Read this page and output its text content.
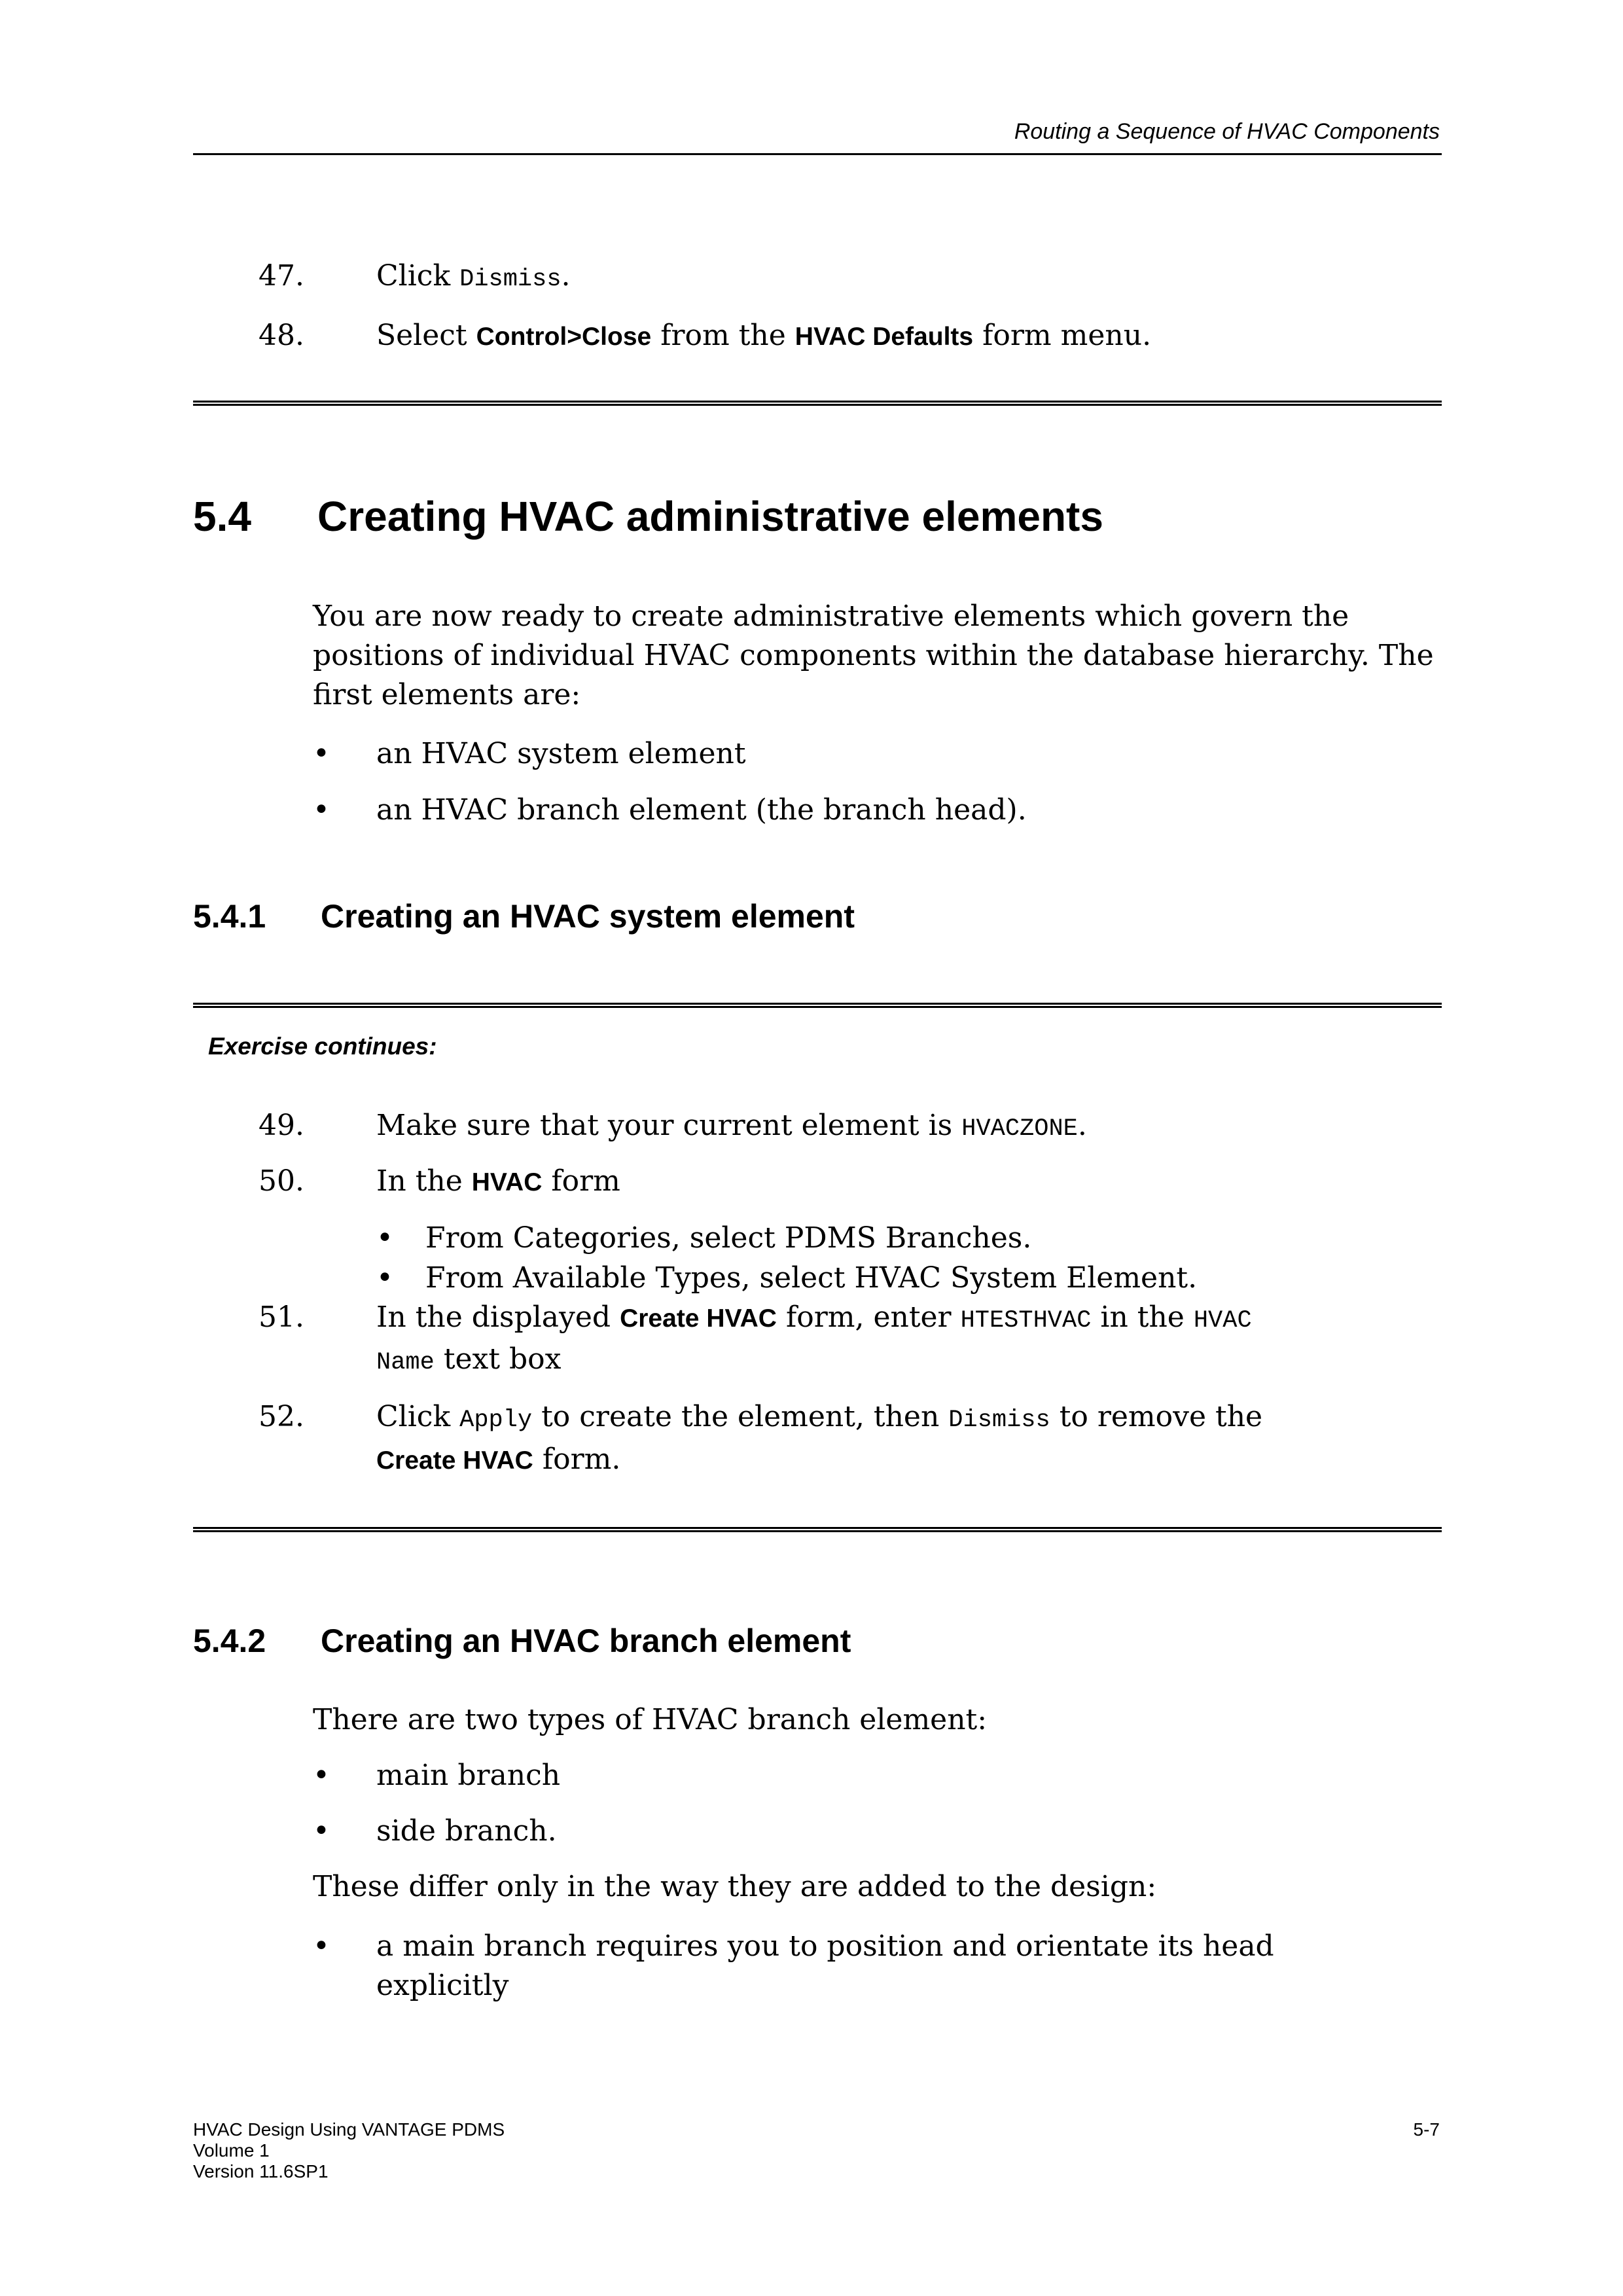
Routing a Sequence of HVAC Components
47.	Click Dismiss.
48.	Select Control>Close from the HVAC Defaults form menu.
5.4 Creating HVAC administrative elements
You are now ready to create administrative elements which govern the positions of individual HVAC components within the database hierarchy. The first elements are:
• an HVAC system element
• an HVAC branch element (the branch head).
5.4.1 Creating an HVAC system element
Exercise continues:
49.	Make sure that your current element is HVACZONE.
50.	In the HVAC form
• From Categories, select PDMS Branches.
• From Available Types, select HVAC System Element.
51.	In the displayed Create HVAC form, enter HTESTHVAC in the HVAC
Name text box
52.	Click Apply to create the element, then Dismiss to remove the
Create HVAC form.
5.4.2 Creating an HVAC branch element
There are two types of HVAC branch element:
• main branch
• side branch.
These differ only in the way they are added to the design:
• a main branch requires you to position and orientate its head
explicitly
HVAC Design Using VANTAGE PDMS
Volume 1
Version 11.6SP1
5-7
